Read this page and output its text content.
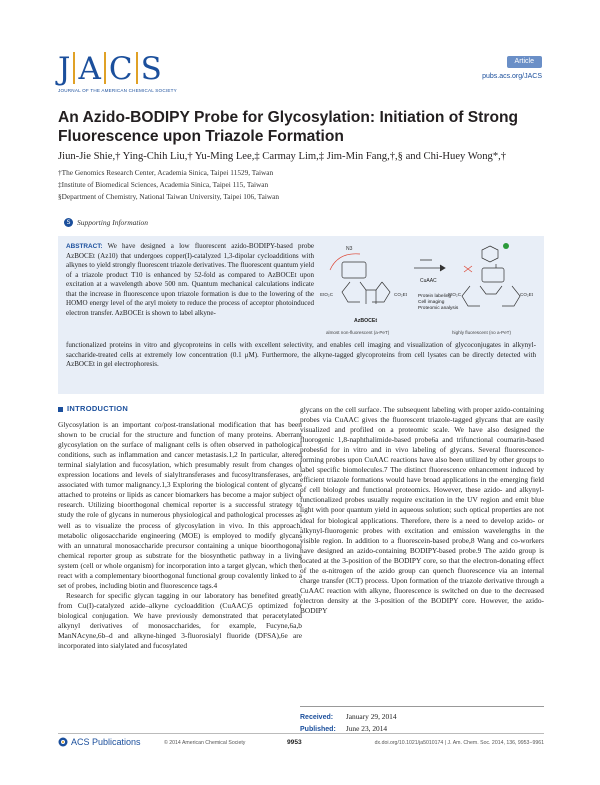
J A C S
JOURNAL OF THE AMERICAN CHEMICAL SOCIETY
Article
pubs.acs.org/JACS
An Azido-BODIPY Probe for Glycosylation: Initiation of Strong
Fluorescence upon Triazole Formation
Jiun-Jie Shie,† Ying-Chih Liu,† Yu-Ming Lee,‡ Carmay Lim,‡ Jim-Min Fang,†,§ and Chi-Huey Wong*,†
†The Genomics Research Center, Academia Sinica, Taipei 11529, Taiwan
‡Institute of Biomedical Sciences, Academia Sinica, Taipei 115, Taiwan
§Department of Chemistry, National Taiwan University, Taipei 106, Taiwan
S Supporting Information
ABSTRACT: We have designed a low fluorescent azido-BODIPY-based probe AzBOCEt (Az10) that undergoes copper(I)-catalyzed 1,3-dipolar cycloadditions with alkynes to yield strongly fluorescent triazole derivatives. The fluorescent quantum yield of a triazole product T10 is enhanced by 52-fold as compared to AzBOCEt upon excitation at a wavelength above 500 nm. Quantum mechanical calculations indicate that the increase in fluorescence upon triazole formation is due to the lowering of the HOMO energy level of the aryl moiety to reduce the process of acceptor photoinduced electron transfer. AzBOCEt is shown to label alkyne-
N3
EtO₂C	CO₂Et	EtO₂C	CO₂Et
AzBOCEt
CuAAC
Protein labeling
Cell imaging
Proteomic analysis
almost non-fluorescent (a-PeT)	highly fluorescent (no a-PeT)
functionalized proteins in vitro and glycoproteins in cells with excellent selectivity, and enables cell imaging and visualization of glycoconjugates in alkynyl-saccharide-treated cells at extremely low concentration (0.1 μM). Furthermore, the alkyne-tagged glycoproteins from cell lysates can be directly detected with AzBOCEt in gel electrophoresis.
INTRODUCTION

Glycosylation is an important co/post-translational modification that has been shown to be crucial for the structure and function of many proteins. Aberrant glycosylation on the surface of malignant cells is often observed in pathological conditions, such as inflammation and cancer metastasis.1,2 In particular, altered terminal sialylation and fucosylation, which presumably result from changes of expression locations and levels of sialyltransferases and fucosyltransferases, are associated with tumor malignancy.1,3 Exploring the biological content of glycans attached to proteins or lipids as cancer biomarkers has become a major subject of research. Utilizing bioorthogonal chemical reporter is a successful strategy to study the role of glycans in numerous physiological and pathological processes as well as to visualize the process of glycosylation in vivo. In this approach, metabolic oligosaccharide engineering (MOE) is employed to modify glycans with an unnatural monosaccharide precursor containing a unique bioorthogonal chemical reporter group as substrate for the biosynthetic pathway in a living system (cell or whole organism) for incorporation into a target glycan, which then react with a complementary bioorthogonal functional group covalently linked to a set of probes, including biotin and fluorescence tags.4

Research for specific glycan tagging in our laboratory has benefited greatly from Cu(I)-catalyzed azide–alkyne cycloaddition (CuAAC)5 optimized for biological conjugation. We have previously demonstrated that peracetylated alkynyl derivatives of monosaccharides, for example, Fucyne,6a,b ManNAcyne,6b–d and alkyne-hinged 3-fluorosialyl fluoride (DFSA),6e are incorporated into sialylated and fucosylated

glycans on the cell surface. The subsequent labeling with proper azido-containing probes via CuAAC gives the fluorescent triazole-tagged glycans that are easily visualized and profiled on a proteomic scale. We have also designed the fluorogenic 1,8-naphthalimide-based probe6a and trifunctional coumarin-based probes6d for in vitro and in vivo labeling of glycans. Several fluorescence-forming probes upon CuAAC reactions have also been utilized by other groups to label specific biomolecules.7 The distinct fluorescence enhancement induced by efficient triazole formations would have broad applications in the emerging field of cell biology and functional proteomics. However, these azido- and alkynyl-functionalized probes usually require excitation in the UV region and emit blue light with poor quantum yield in aqueous solution; such optical properties are not ideal for biological applications. Therefore, there is a need to develop azido- or alkynyl-fluorogenic probes with excitation and emission wavelengths in the visible region. In addition to a fluorescein-based probe,8 Wang and co-workers have designed an azido-containing BODIPY-based probe.9 The azido group is located at the 3-position of the BODIPY core, so that the electron-donating effect of the α-nitrogen of the azido group can quench fluorescence via an internal charge transfer (ICT) process. Upon formation of the triazole derivative through a CuAAC reaction with alkyne, fluorescence is switched on due to the decreased electron density at the 3-position of the BODIPY core. However, the azido-BODIPY

Received: January 29, 2014
Published: June 23, 2014
ACS Publications	© 2014 American Chemical Society	9953	dx.doi.org/10.1021/ja5010174 | J. Am. Chem. Soc. 2014, 136, 9953−9961
